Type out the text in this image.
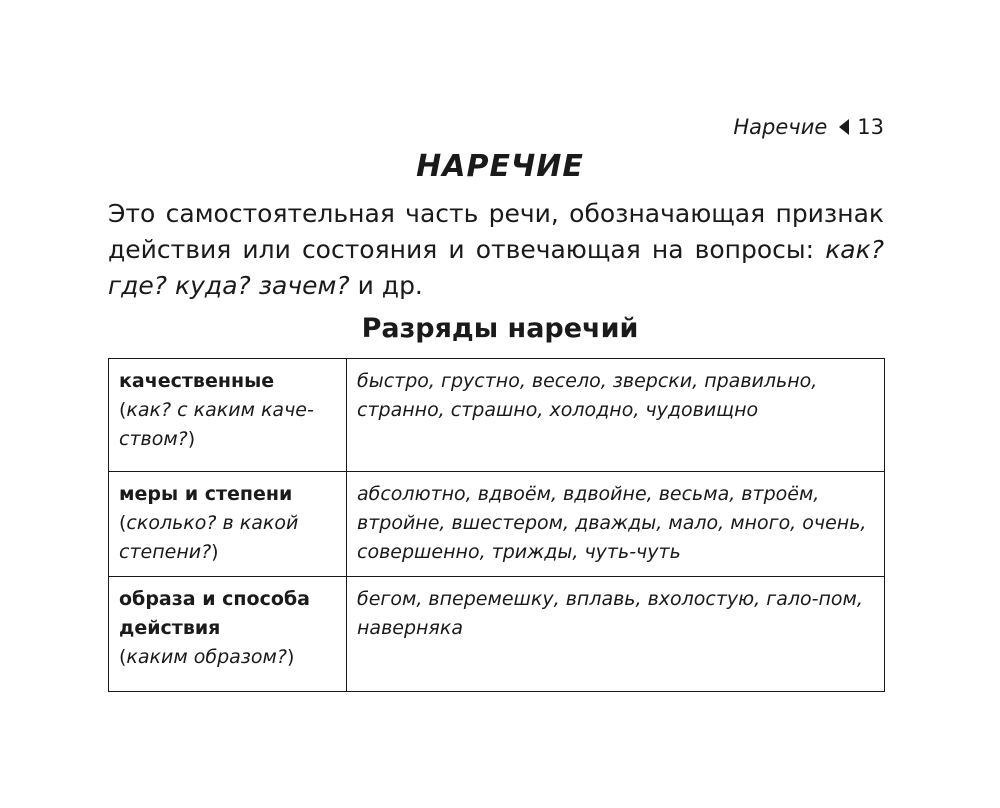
Наречие 13
НАРЕЧИЕ
Это самостоятельная часть речи, обозначающая признак действия или состояния и отвечающая на вопросы: как? где? куда? зачем? и др.
Разряды наречий
качественные
(как? с каким каче-ством?)	быстро, грустно, весело, зверски, правильно, странно, страшно, холодно, чудовищно

меры и степени
(сколько? в какой степени?)	абсолютно, вдвоём, вдвойне, весьма, втроём, втройне, вшестером, дважды, мало, много, очень, совершенно, трижды, чуть-чуть

образа и способа действия
(каким образом?)	бегом, вперемешку, вплавь, вхолостую, гало-пом, наверняка
